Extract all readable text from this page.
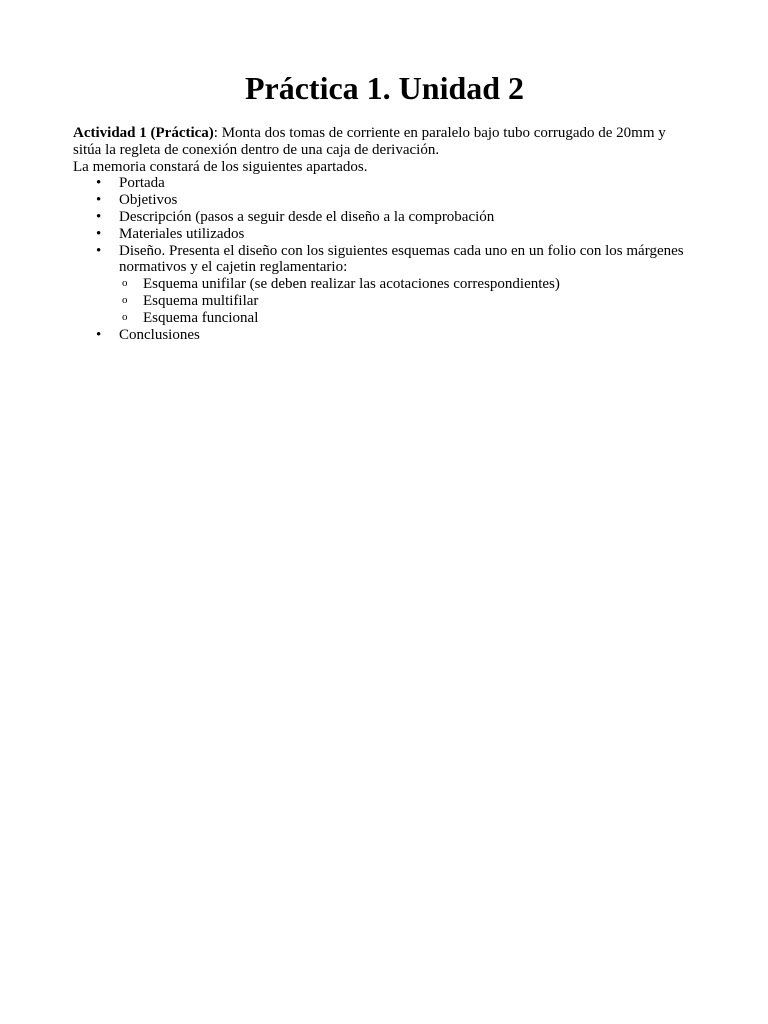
Práctica 1. Unidad 2

Actividad 1 (Práctica): Monta dos tomas de corriente en paralelo bajo tubo corrugado de 20mm y sitúa la regleta de conexión dentro de una caja de derivación.

La memoria constará de los siguientes apartados.

• Portada
• Objetivos
• Descripción (pasos a seguir desde el diseño a la comprobación
• Materiales utilizados
• Diseño. Presenta el diseño con los siguientes esquemas cada uno en un folio con los márgenes normativos y el cajetin reglamentario:
o Esquema unifilar (se deben realizar las acotaciones correspondientes)
o Esquema multifilar
o Esquema funcional
• Conclusiones
